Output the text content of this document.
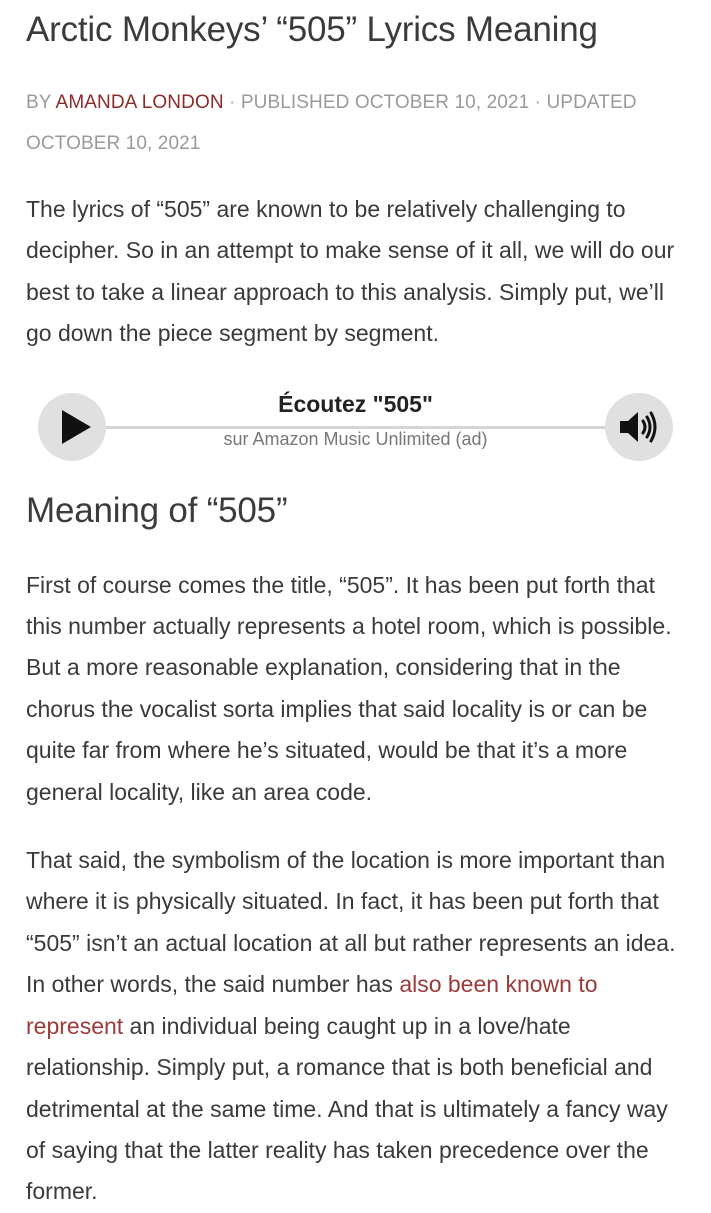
Arctic Monkeys’ “505” Lyrics Meaning
BY AMANDA LONDON · PUBLISHED OCTOBER 10, 2021 · UPDATED OCTOBER 10, 2021

The lyrics of “505” are known to be relatively challenging to decipher. So in an attempt to make sense of it all, we will do our best to take a linear approach to this analysis. Simply put, we’ll go down the piece segment by segment.

Écoutez "505"
sur Amazon Music Unlimited (ad)
Meaning of “505”

First of course comes the title, “505”. It has been put forth that this number actually represents a hotel room, which is possible. But a more reasonable explanation, considering that in the chorus the vocalist sorta implies that said locality is or can be quite far from where he’s situated, would be that it’s a more general locality, like an area code.

That said, the symbolism of the location is more important than where it is physically situated. In fact, it has been put forth that “505” isn’t an actual location at all but rather represents an idea. In other words, the said number has also been known to represent an individual being caught up in a love/hate relationship. Simply put, a romance that is both beneficial and detrimental at the same time. And that is ultimately a fancy way of saying that the latter reality has taken precedence over the former.
